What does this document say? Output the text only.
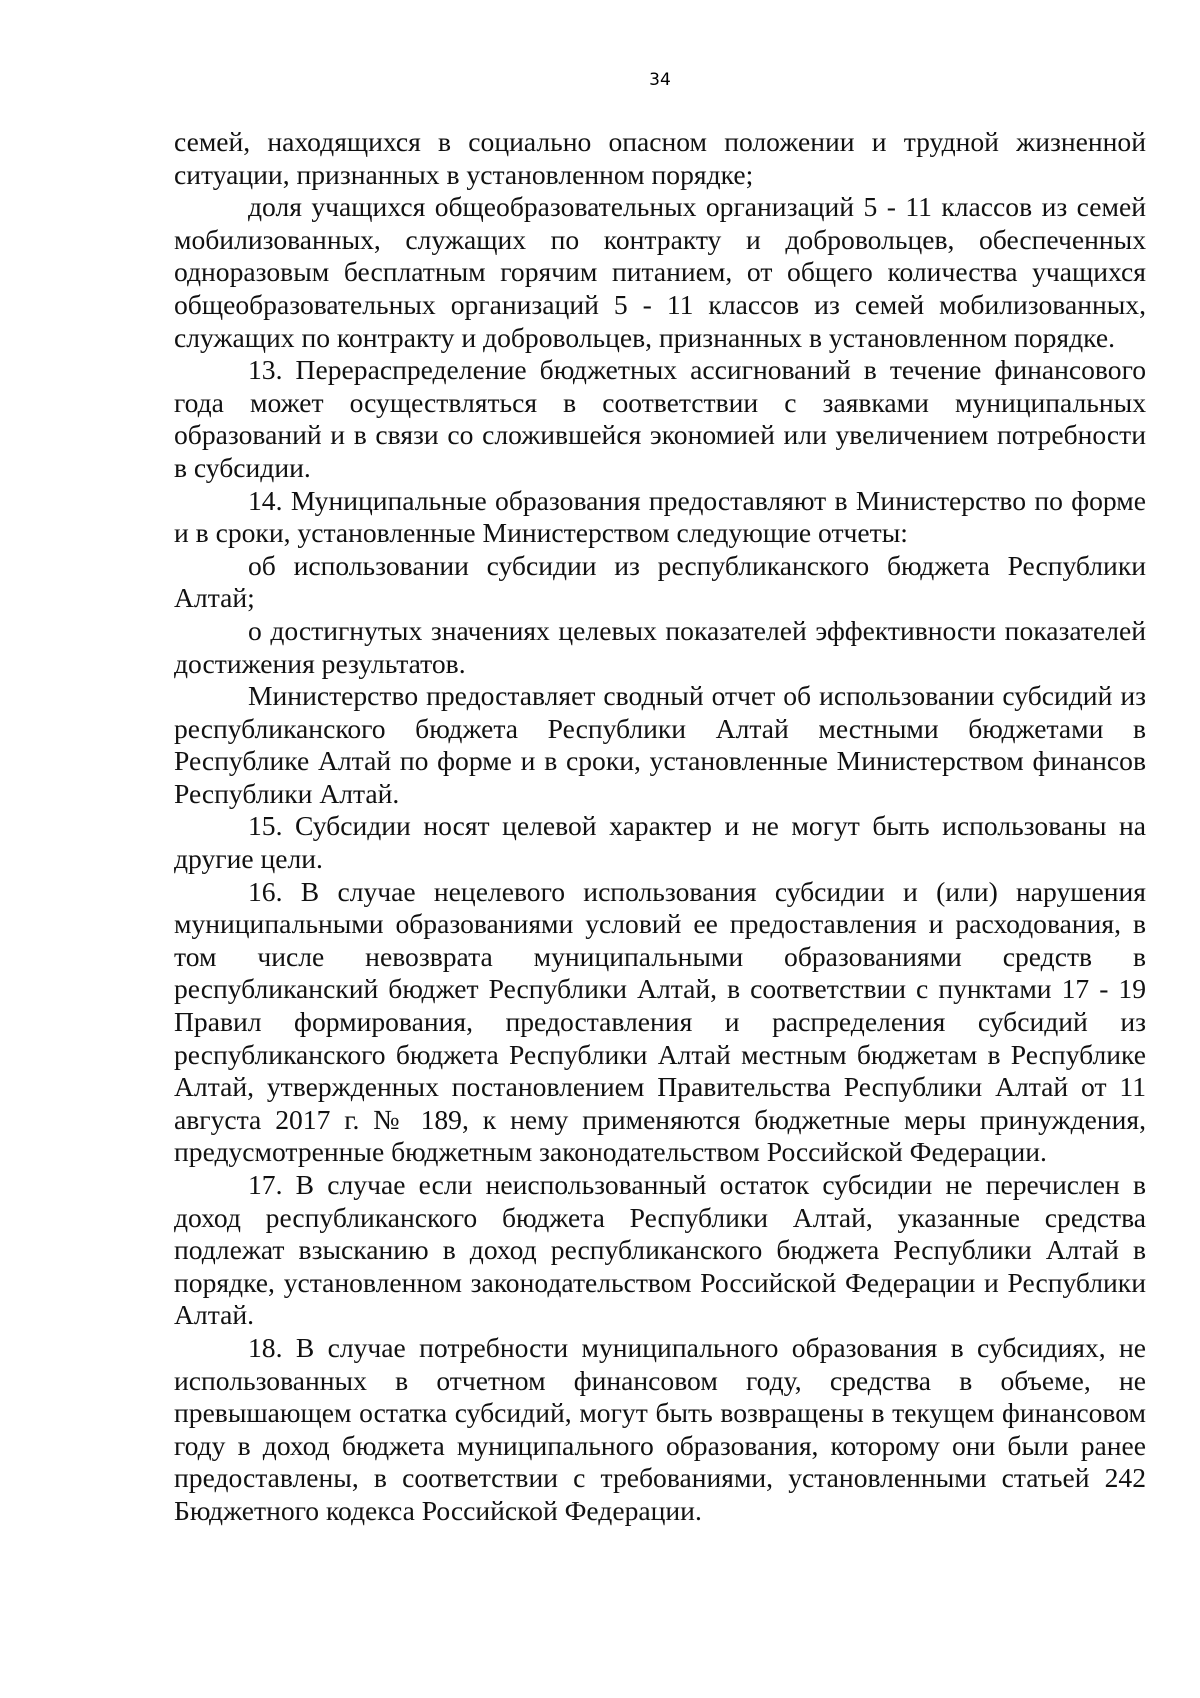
34

семей, находящихся в социально опасном положении и трудной жизненной ситуации, признанных в установленном порядке;

доля учащихся общеобразовательных организаций 5 - 11 классов из семей мобилизованных, служащих по контракту и добровольцев, обеспеченных одноразовым бесплатным горячим питанием, от общего количества учащихся общеобразовательных организаций 5 - 11 классов из семей мобилизованных, служащих по контракту и добровольцев, признанных в установленном порядке.

13. Перераспределение бюджетных ассигнований в течение финансового года может осуществляться в соответствии с заявками муниципальных образований и в связи со сложившейся экономией или увеличением потребности в субсидии.

14. Муниципальные образования предоставляют в Министерство по форме и в сроки, установленные Министерством следующие отчеты:

об использовании субсидии из республиканского бюджета Республики Алтай;

о достигнутых значениях целевых показателей эффективности показателей достижения результатов.

Министерство предоставляет сводный отчет об использовании субсидий из республиканского бюджета Республики Алтай местными бюджетами в Республике Алтай по форме и в сроки, установленные Министерством финансов Республики Алтай.

15. Субсидии носят целевой характер и не могут быть использованы на другие цели.

16. В случае нецелевого использования субсидии и (или) нарушения муниципальными образованиями условий ее предоставления и расходования, в том числе невозврата муниципальными образованиями средств в республиканский бюджет Республики Алтай, в соответствии с пунктами 17 - 19 Правил формирования, предоставления и распределения субсидий из республиканского бюджета Республики Алтай местным бюджетам в Республике Алтай, утвержденных постановлением Правительства Республики Алтай от 11 августа 2017 г. № 189, к нему применяются бюджетные меры принуждения, предусмотренные бюджетным законодательством Российской Федерации.

17. В случае если неиспользованный остаток субсидии не перечислен в доход республиканского бюджета Республики Алтай, указанные средства подлежат взысканию в доход республиканского бюджета Республики Алтай в порядке, установленном законодательством Российской Федерации и Республики Алтай.

18. В случае потребности муниципального образования в субсидиях, не использованных в отчетном финансовом году, средства в объеме, не превышающем остатка субсидий, могут быть возвращены в текущем финансовом году в доход бюджета муниципального образования, которому они были ранее предоставлены, в соответствии с требованиями, установленными статьей 242 Бюджетного кодекса Российской Федерации.
